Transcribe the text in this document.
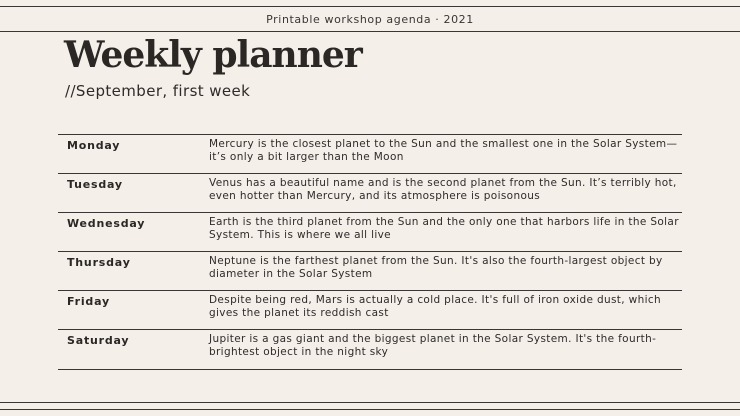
Printable workshop agenda · 2021
Weekly planner
//September, first week
Monday	Mercury is the closest planet to the Sun and the smallest one in the Solar System—it’s only a bit larger than the Moon
Tuesday	Venus has a beautiful name and is the second planet from the Sun. It’s terribly hot, even hotter than Mercury, and its atmosphere is poisonous
Wednesday	Earth is the third planet from the Sun and the only one that harbors life in the Solar System. This is where we all live
Thursday	Neptune is the farthest planet from the Sun. It's also the fourth-largest object by diameter in the Solar System
Friday	Despite being red, Mars is actually a cold place. It's full of iron oxide dust, which gives the planet its reddish cast
Saturday	Jupiter is a gas giant and the biggest planet in the Solar System. It's the fourth-brightest object in the night sky
